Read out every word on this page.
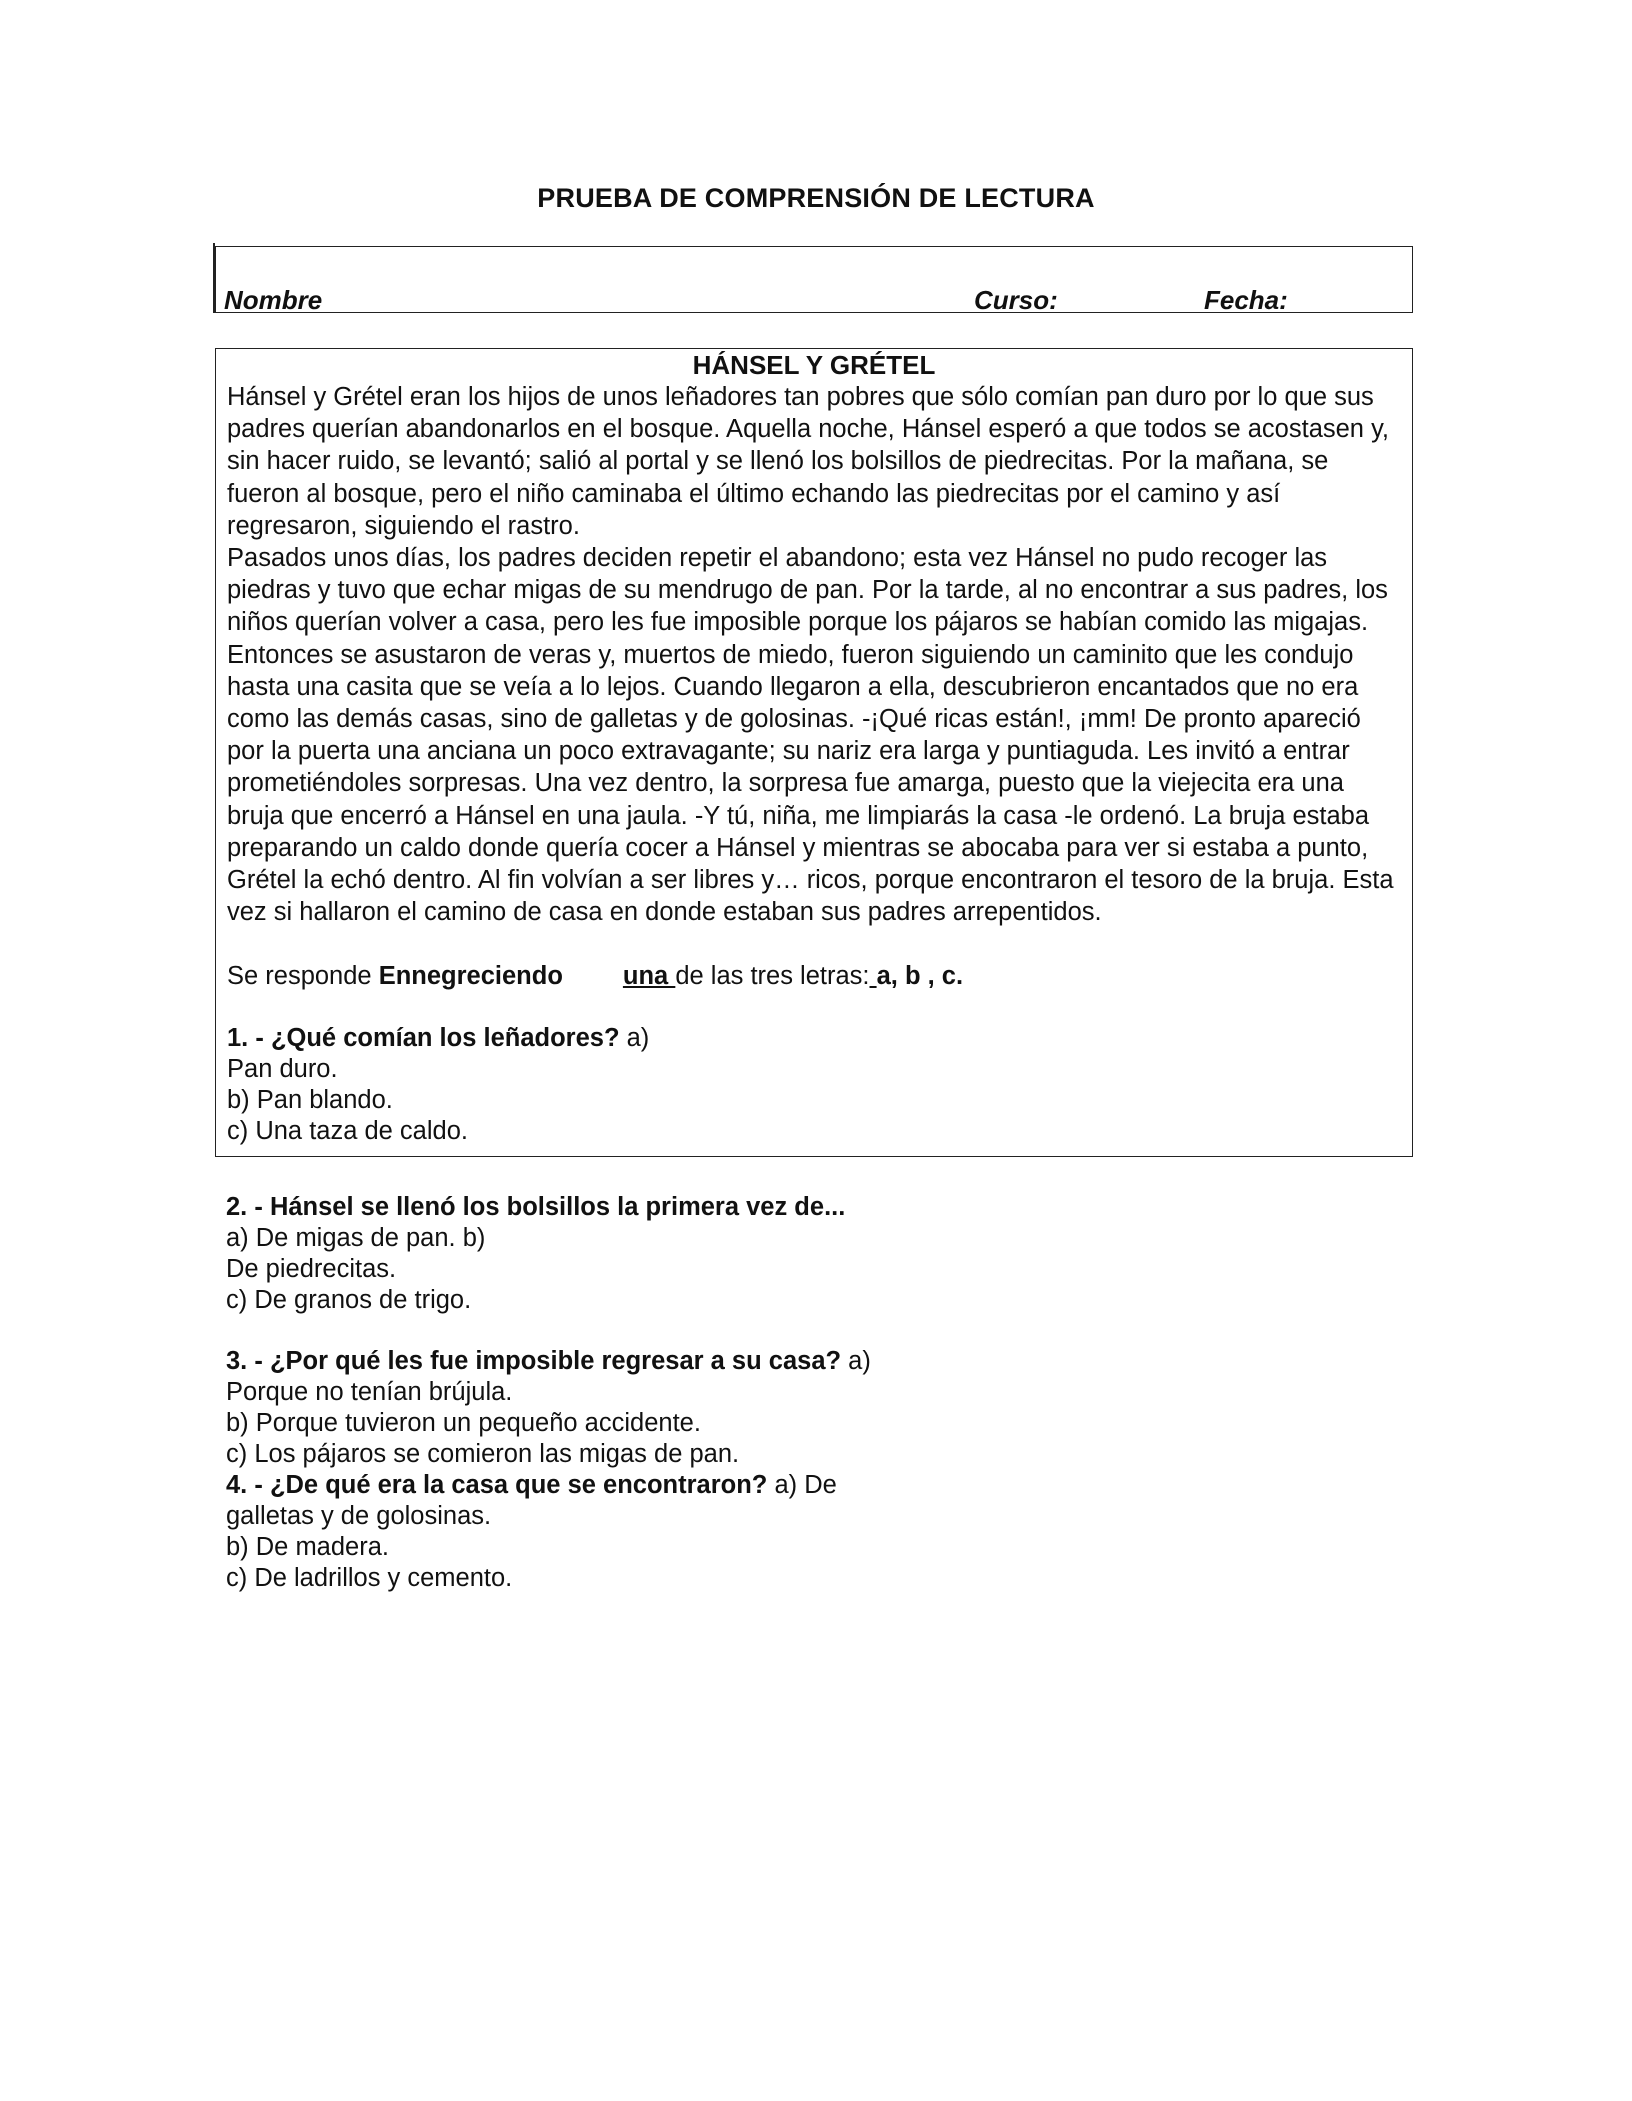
PRUEBA DE COMPRENSIÓN DE LECTURA
Nombre	Curso:	Fecha:
HÁNSEL Y GRÉTEL

Hánsel y Grétel eran los hijos de unos leñadores tan pobres que sólo comían pan duro por lo que sus padres querían abandonarlos en el bosque. Aquella noche, Hánsel esperó a que todos se acostasen y, sin hacer ruido, se levantó; salió al portal y se llenó los bolsillos de piedrecitas. Por la mañana, se fueron al bosque, pero el niño caminaba el último echando las piedrecitas por el camino y así regresaron, siguiendo el rastro.

Pasados unos días, los padres deciden repetir el abandono; esta vez Hánsel no pudo recoger las piedras y tuvo que echar migas de su mendrugo de pan. Por la tarde, al no encontrar a sus padres, los niños querían volver a casa, pero les fue imposible porque los pájaros se habían comido las migajas. Entonces se asustaron de veras y, muertos de miedo, fueron siguiendo un caminito que les condujo hasta una casita que se veía a lo lejos. Cuando llegaron a ella, descubrieron encantados que no era como las demás casas, sino de galletas y de golosinas. -¡Qué ricas están!, ¡mm! De pronto apareció por la puerta una anciana un poco extravagante; su nariz era larga y puntiaguda. Les invitó a entrar prometiéndoles sorpresas. Una vez dentro, la sorpresa fue amarga, puesto que la viejecita era una bruja que encerró a Hánsel en una jaula. -Y tú, niña, me limpiarás la casa -le ordenó. La bruja estaba preparando un caldo donde quería cocer a Hánsel y mientras se abocaba para ver si estaba a punto, Grétel la echó dentro. Al fin volvían a ser libres y… ricos, porque encontraron el tesoro de la bruja. Esta vez si hallaron el camino de casa en donde estaban sus padres arrepentidos.

Se responde Ennegreciendo una de las tres letras: a, b , c.

1. - ¿Qué comían los leñadores? a)
Pan duro.
b) Pan blando.
c) Una taza de caldo.
2. - Hánsel se llenó los bolsillos la primera vez de...
a) De migas de pan. b)
De piedrecitas.
c) De granos de trigo.
3. - ¿Por qué les fue imposible regresar a su casa? a)
Porque no tenían brújula.
b) Porque tuvieron un pequeño accidente.
c) Los pájaros se comieron las migas de pan.
4. - ¿De qué era la casa que se encontraron? a) De
galletas y de golosinas.
b) De madera.
c) De ladrillos y cemento.
